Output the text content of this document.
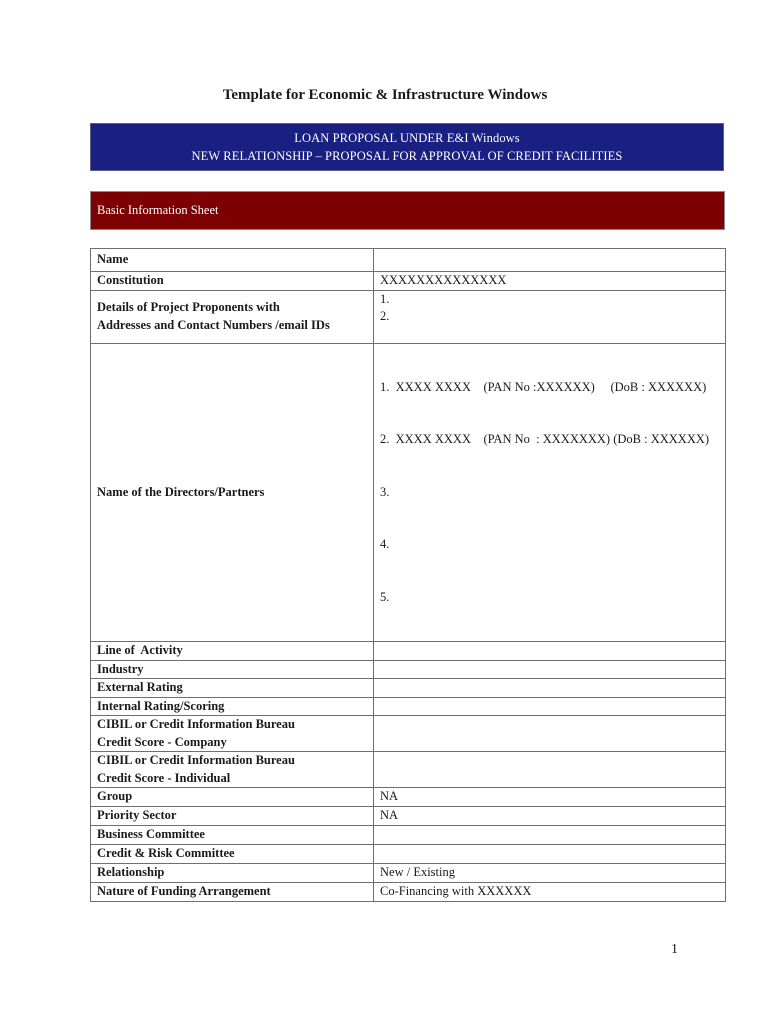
Template for Economic & Infrastructure Windows
LOAN PROPOSAL UNDER E&I Windows
NEW RELATIONSHIP – PROPOSAL FOR APPROVAL OF CREDIT FACILITIES
Basic Information Sheet
Name	
Constitution	XXXXXXXXXXXXXX

Details of Project Proponents with
Addresses and Contact Numbers /email IDs	1.
2.

Name of the Directors/Partners	1.  XXXX XXXX    (PAN No :XXXXXX)     (DoB : XXXXXX)

2.  XXXX XXXX    (PAN No  : XXXXXXX) (DoB : XXXXXX)

3.

4.

5.

Line of  Activity	
Industry	
External Rating	
Internal Rating/Scoring	

CIBIL or Credit Information Bureau
Credit Score - Company	

CIBIL or Credit Information Bureau
Credit Score - Individual	

Group	NA
Priority Sector	NA
Business Committee	
Credit & Risk Committee	
Relationship	New / Existing
Nature of Funding Arrangement	Co-Financing with XXXXXX
1
